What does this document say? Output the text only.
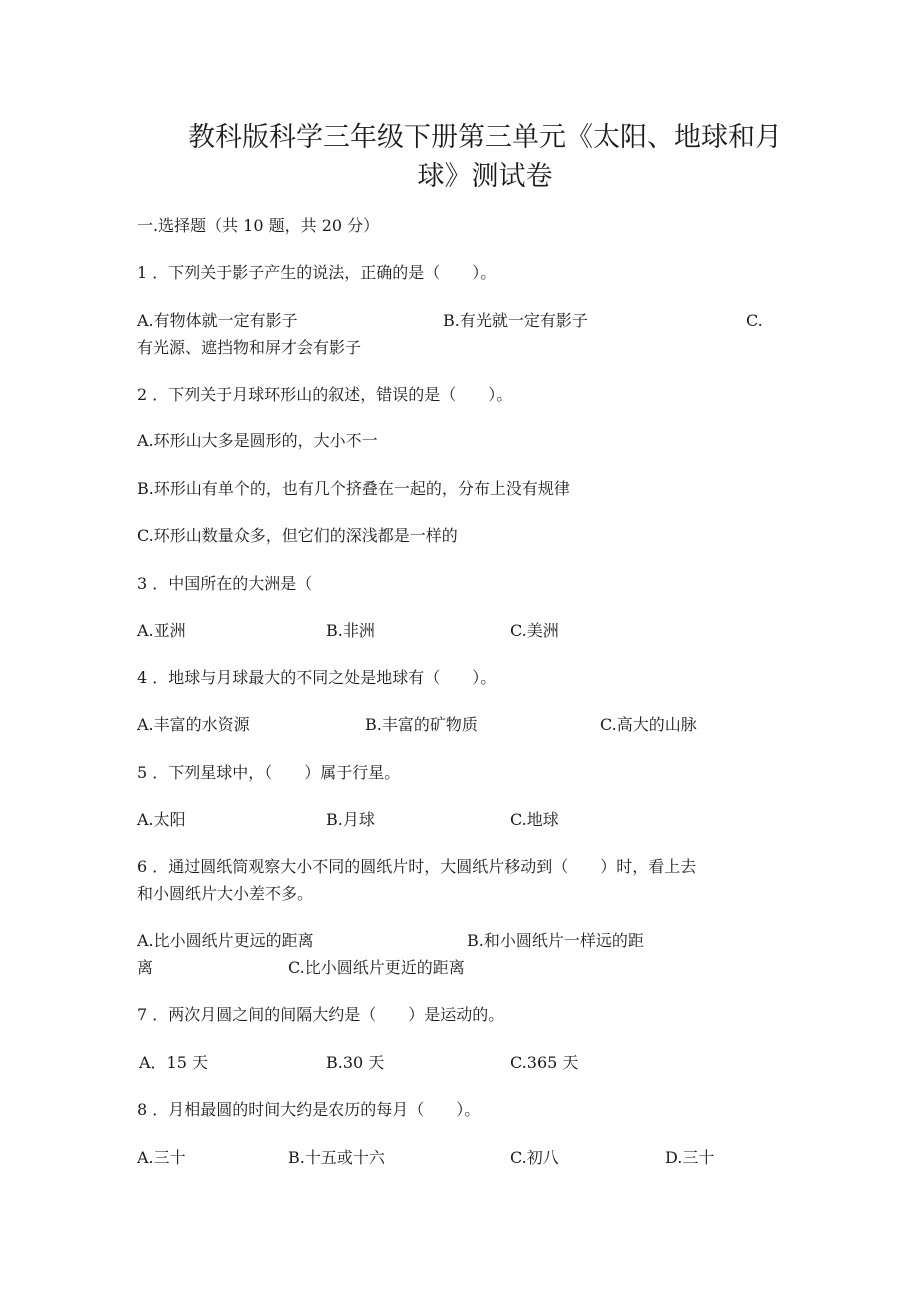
教科版科学三年级下册第三单元《太阳、地球和月
球》测试卷
一.选择题（共 10 题，共 20 分）
1 ．下列关于影子产生的说法，正确的是（　　）。
A.有物体就一定有影子	B.有光就一定有影子	C.
有光源、遮挡物和屏才会有影子
2 ．下列关于月球环形山的叙述，错误的是（　　）。
A.环形山大多是圆形的，大小不一
B.环形山有单个的，也有几个挤叠在一起的，分布上没有规律
C.环形山数量众多，但它们的深浅都是一样的
3 ．中国所在的大洲是（
A.亚洲	B.非洲	C.美洲
4 ．地球与月球最大的不同之处是地球有（　　）。
A.丰富的水资源	B.丰富的矿物质	C.高大的山脉
5 ．下列星球中，（　　）属于行星。
A.太阳	B.月球	C.地球
6 ．通过圆纸筒观察大小不同的圆纸片时，大圆纸片移动到（　　）时，看上去
和小圆纸片大小差不多。
A.比小圆纸片更远的距离	B.和小圆纸片一样远的距
离	C.比小圆纸片更近的距离
7 ．两次月圆之间的间隔大约是（　　）是运动的。
A．15 天	B.30 天	C.365 天
8 ．月相最圆的时间大约是农历的每月（　　）。
A.三十	B.十五或十六	C.初八	D.三十
